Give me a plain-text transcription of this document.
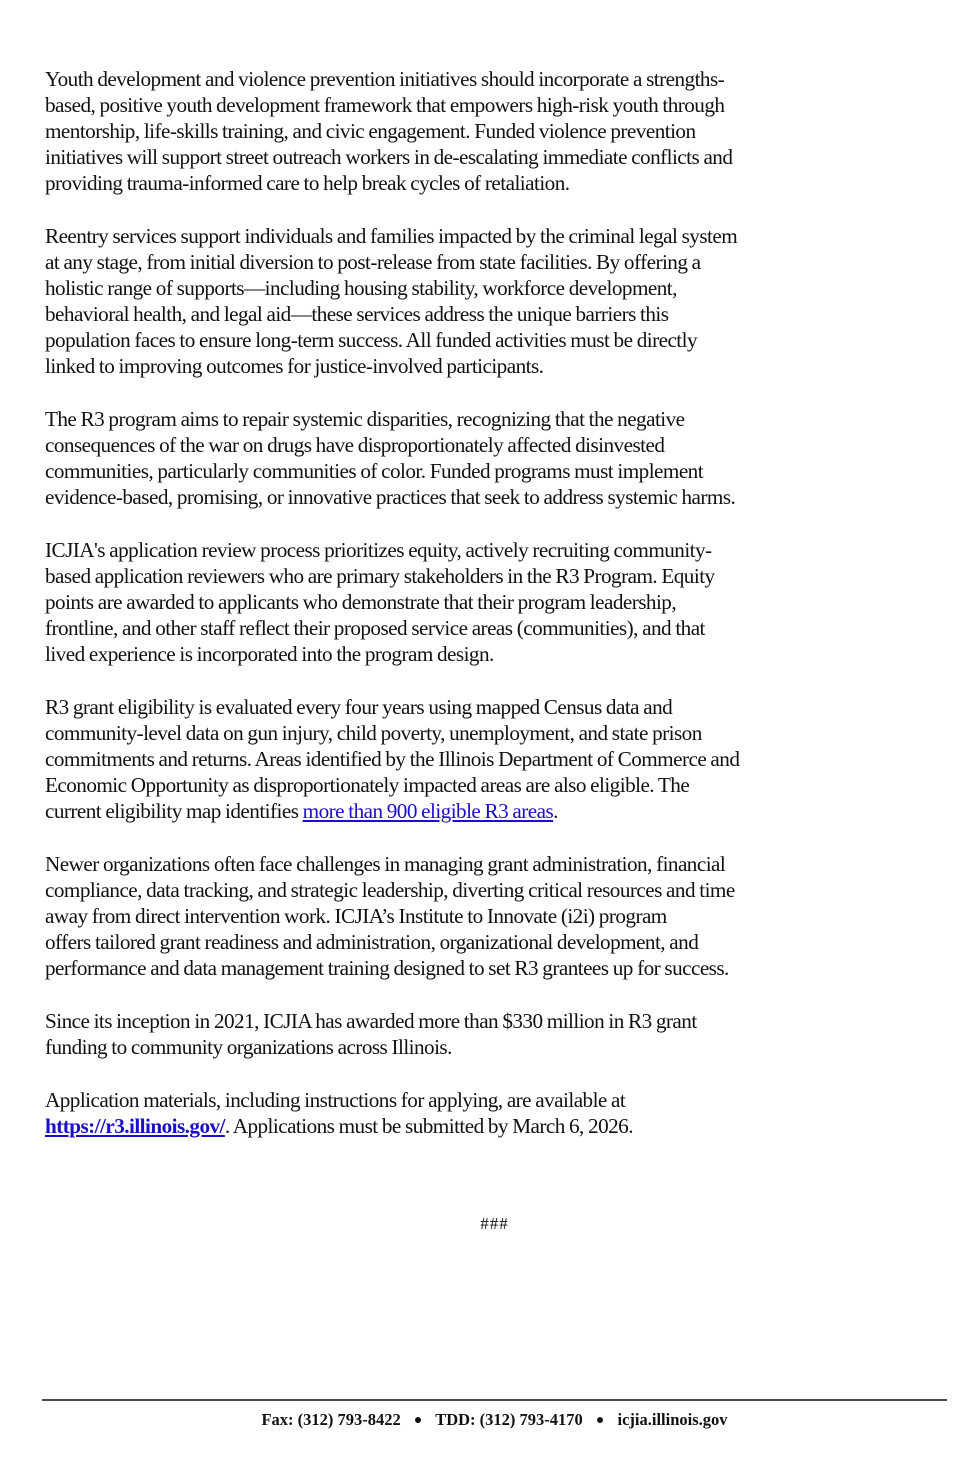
Youth development and violence prevention initiatives should incorporate a strengths-
based, positive youth development framework that empowers high-risk youth through
mentorship, life-skills training, and civic engagement. Funded violence prevention
initiatives will support street outreach workers in de-escalating immediate conflicts and
providing trauma-informed care to help break cycles of retaliation.

Reentry services support individuals and families impacted by the criminal legal system
at any stage, from initial diversion to post-release from state facilities. By offering a
holistic range of supports—including housing stability, workforce development,
behavioral health, and legal aid—these services address the unique barriers this
population faces to ensure long-term success. All funded activities must be directly
linked to improving outcomes for justice-involved participants.

The R3 program aims to repair systemic disparities, recognizing that the negative
consequences of the war on drugs have disproportionately affected disinvested
communities, particularly communities of color. Funded programs must implement
evidence-based, promising, or innovative practices that seek to address systemic harms.

ICJIA's application review process prioritizes equity, actively recruiting community-
based application reviewers who are primary stakeholders in the R3 Program. Equity
points are awarded to applicants who demonstrate that their program leadership,
frontline, and other staff reflect their proposed service areas (communities), and that
lived experience is incorporated into the program design.

R3 grant eligibility is evaluated every four years using mapped Census data and
community-level data on gun injury, child poverty, unemployment, and state prison
commitments and returns. Areas identified by the Illinois Department of Commerce and
Economic Opportunity as disproportionately impacted areas are also eligible. The
current eligibility map identifies more than 900 eligible R3 areas.

Newer organizations often face challenges in managing grant administration, financial
compliance, data tracking, and strategic leadership, diverting critical resources and time
away from direct intervention work. ICJIA’s Institute to Innovate (i2i) program
offers tailored grant readiness and administration, organizational development, and
performance and data management training designed to set R3 grantees up for success.

Since its inception in 2021, ICJIA has awarded more than $330 million in R3 grant
funding to community organizations across Illinois.

Application materials, including instructions for applying, are available at
https://r3.illinois.gov/. Applications must be submitted by March 6, 2026.

###
Fax: (312) 793-8422 ● TDD: (312) 793-4170 ● icjia.illinois.gov
